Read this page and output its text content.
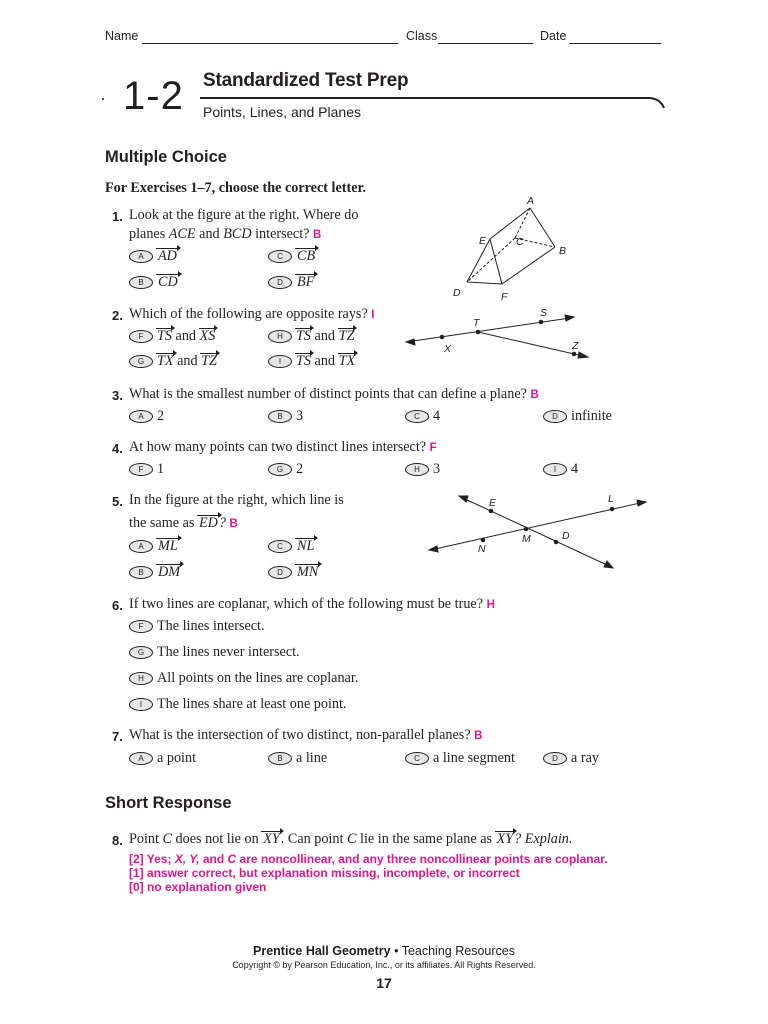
Name	Class	Date
1-2 Standardized Test Prep
Points, Lines, and Planes
Multiple Choice
For Exercises 1–7, choose the correct letter.
1. Look at the figure at the right. Where do
planes ACE and BCD intersect? B
A AD
B CD
C CB
D BF
A
B
C
D
E
F
2. Which of the following are opposite rays? I
F TS and XS
G TX and TZ
H TS and TZ
I TS and TX
X
T
S
Z
3. What is the smallest number of distinct points that can define a plane? B
A 2	B 3	C 4	D infinite
4. At how many points can two distinct lines intersect? F
F 1	G 2	H 3	I 4
5. In the figure at the right, which line is
the same as ED? B
A ML
B DM
C NL
D MN
E	L
N
M	D
6. If two lines are coplanar, which of the following must be true? H
F The lines intersect.
G The lines never intersect.
H All points on the lines are coplanar.
I The lines share at least one point.
7. What is the intersection of two distinct, non-parallel planes? B
A a point	B a line	C a line segment	D a ray
Short Response
8. Point C does not lie on XY. Can point C lie in the same plane as XY? Explain.
[2] Yes; X, Y, and C are noncollinear, and any three noncollinear points are coplanar.
[1] answer correct, but explanation missing, incomplete, or incorrect
[0] no explanation given
Prentice Hall Geometry • Teaching Resources
Copyright © by Pearson Education, Inc., or its affiliates. All Rights Reserved.
17
